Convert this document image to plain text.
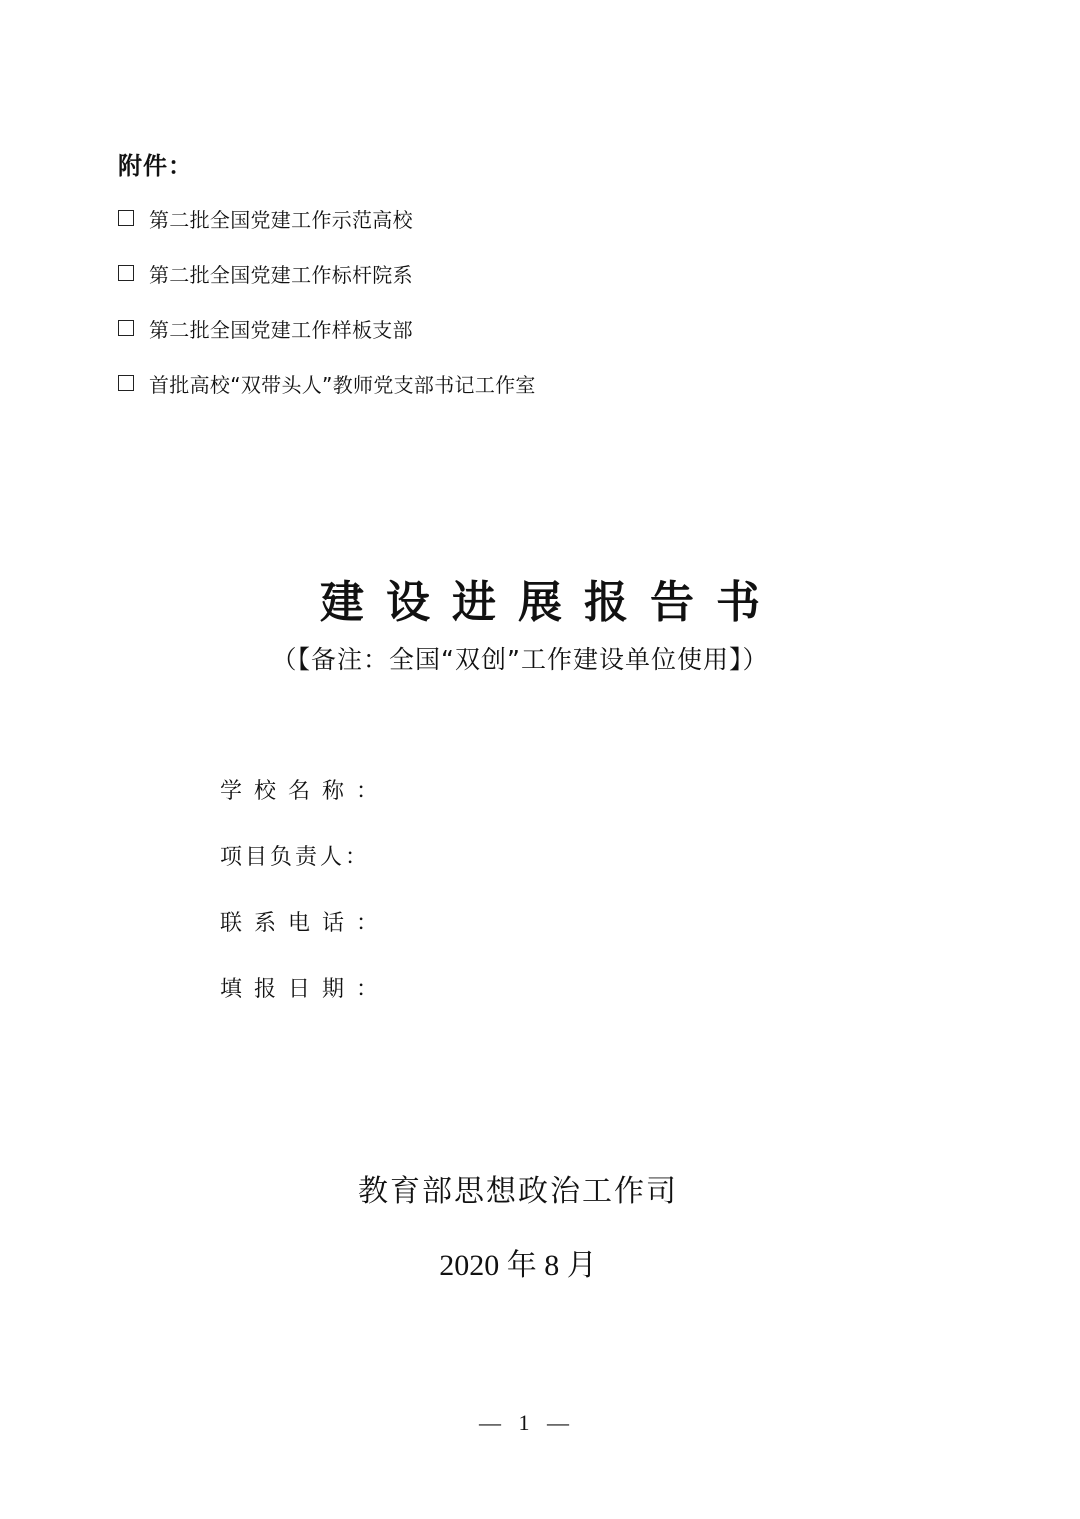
附件：
第二批全国党建工作示范高校
第二批全国党建工作标杆院系
第二批全国党建工作样板支部
首批高校“双带头人”教师党支部书记工作室
建设进展报告书
（【备注：全国“双创”工作建设单位使用】）
学校名称：
项目负责人：
联系电话：
填报日期：
教育部思想政治工作司
2020 年 8 月
— 1 —
